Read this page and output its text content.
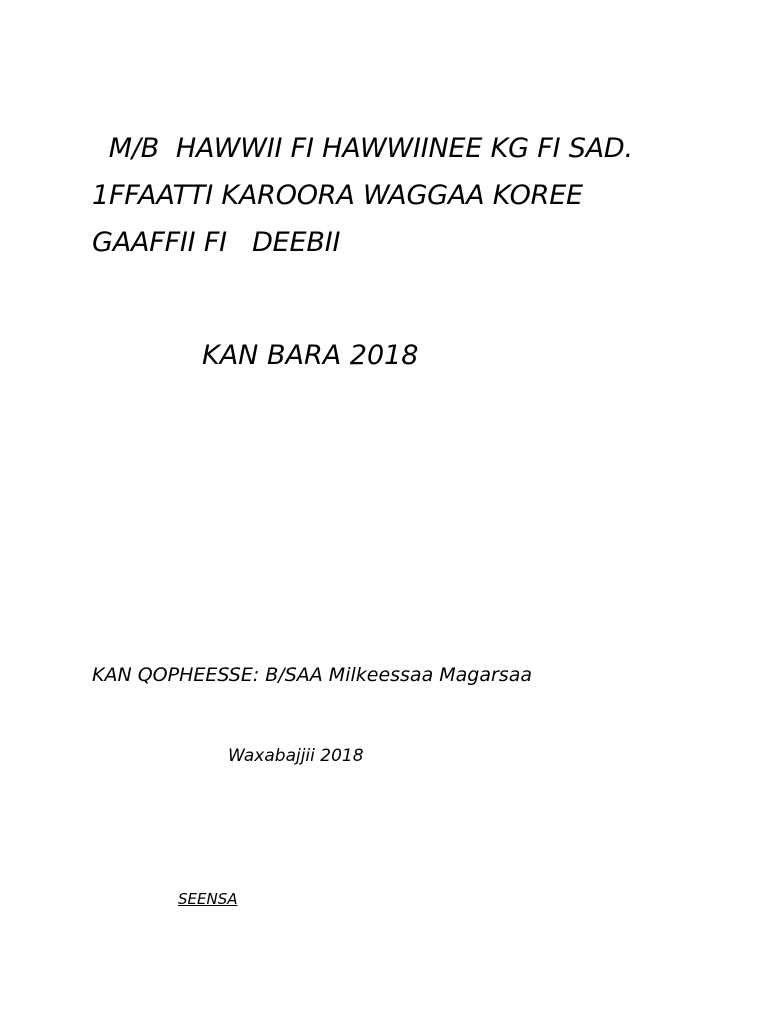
M/B  HAWWII FI HAWWIINEE KG FI SAD.

1FFAATTI KAROORA WAGGAA KOREE

GAAFFII FI   DEEBII

KAN BARA 2018

KAN QOPHEESSE: B/SAA Milkeessaa Magarsaa

Waxabajjii 2018

SEENSA
